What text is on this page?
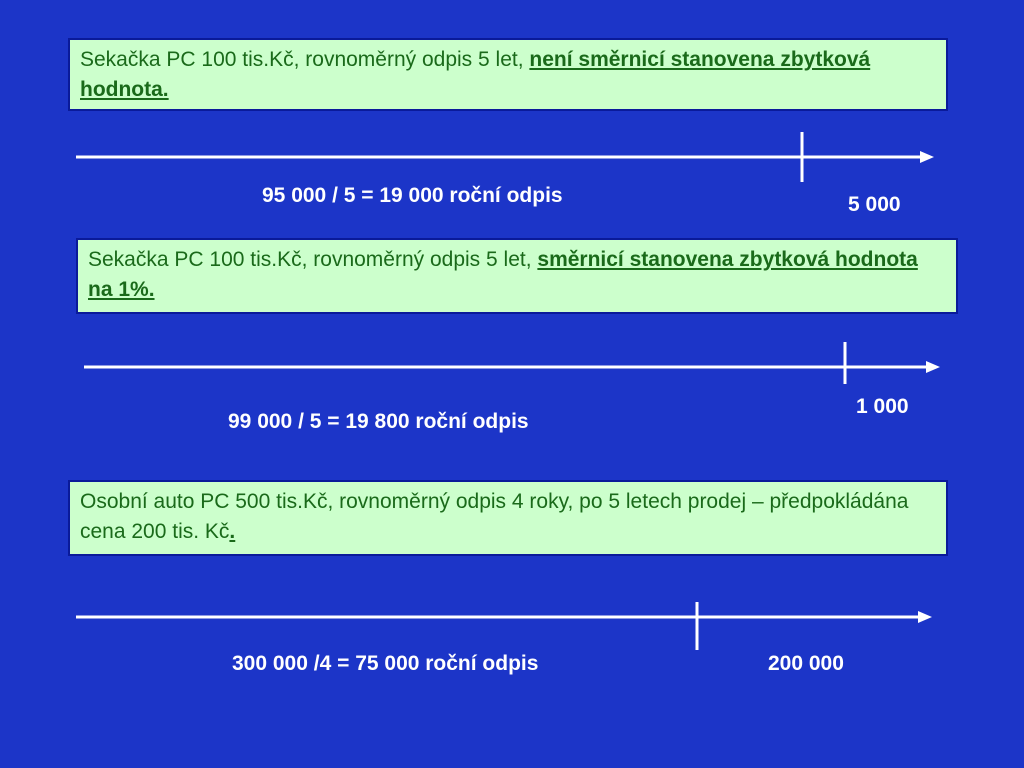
Sekačka PC 100 tis.Kč, rovnoměrný odpis 5 let, není směrnicí stanovena zbytková hodnota.
95 000 / 5 = 19 000 roční odpis	5 000
Sekačka PC 100 tis.Kč, rovnoměrný odpis 5 let, směrnicí stanovena zbytková hodnota na 1%.
99 000 / 5 = 19 800 roční odpis
1 000
Osobní auto PC 500 tis.Kč, rovnoměrný odpis 4 roky, po 5 letech prodej – předpokládána cena 200 tis. Kč.
300 000 /4 = 75 000 roční odpis	200 000
